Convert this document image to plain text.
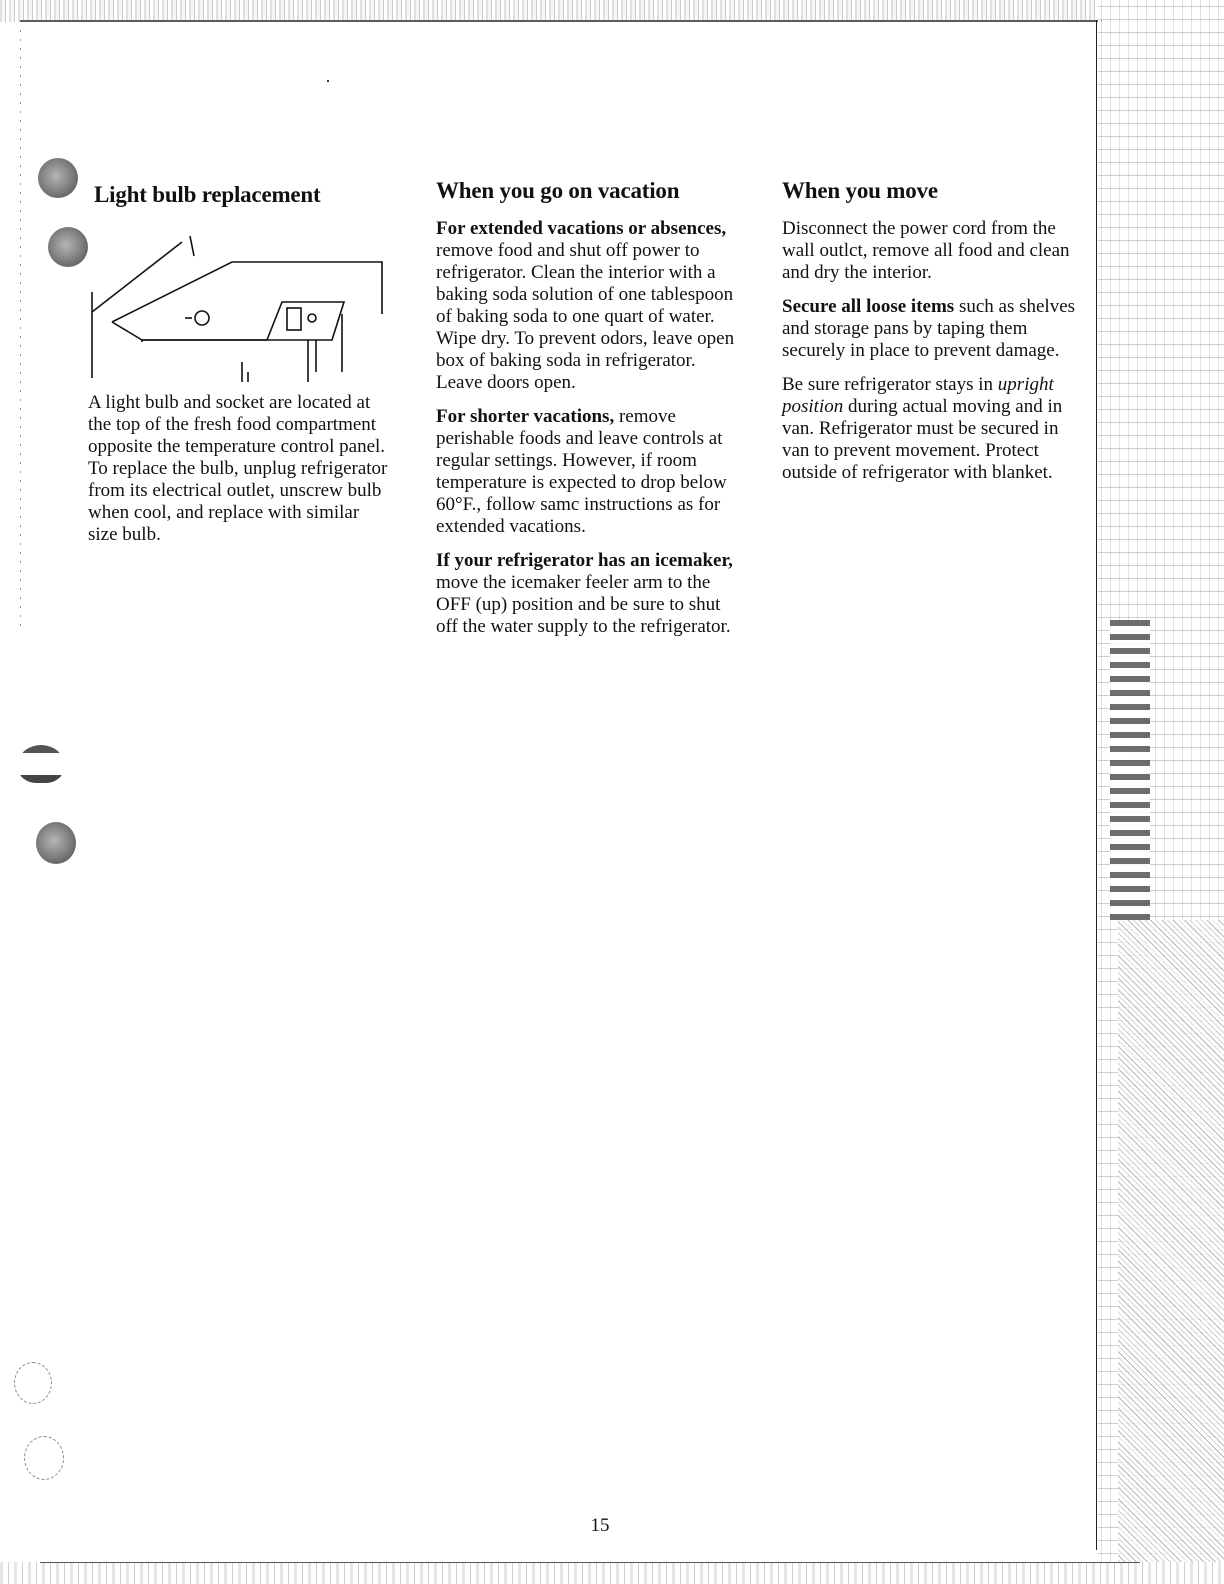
Light bulb replacement

A light bulb and socket are located at the top of the fresh food compartment opposite the temperature control panel. To replace the bulb, unplug refrigerator from its electrical outlet, unscrew bulb when cool, and replace with similar size bulb.

When you go on vacation

For extended vacations or absences, remove food and shut off power to refrigerator. Clean the interior with a baking soda solution of one tablespoon of baking soda to one quart of water. Wipe dry. To prevent odors, leave open box of baking soda in refrigerator. Leave doors open.

For shorter vacations, remove perishable foods and leave controls at regular settings. However, if room temperature is expected to drop below 60°F., follow samc instructions as for extended vacations.

If your refrigerator has an icemaker, move the icemaker feeler arm to the OFF (up) position and be sure to shut off the water supply to the refrigerator.

When you move

Disconnect the power cord from the wall outlct, remove all food and clean and dry the interior.

Secure all loose items such as shelves and storage pans by taping them securely in place to prevent damage.

Be sure refrigerator stays in upright position during actual moving and in van. Refrigerator must be secured in van to prevent movement. Protect outside of refrigerator with blanket.

15
